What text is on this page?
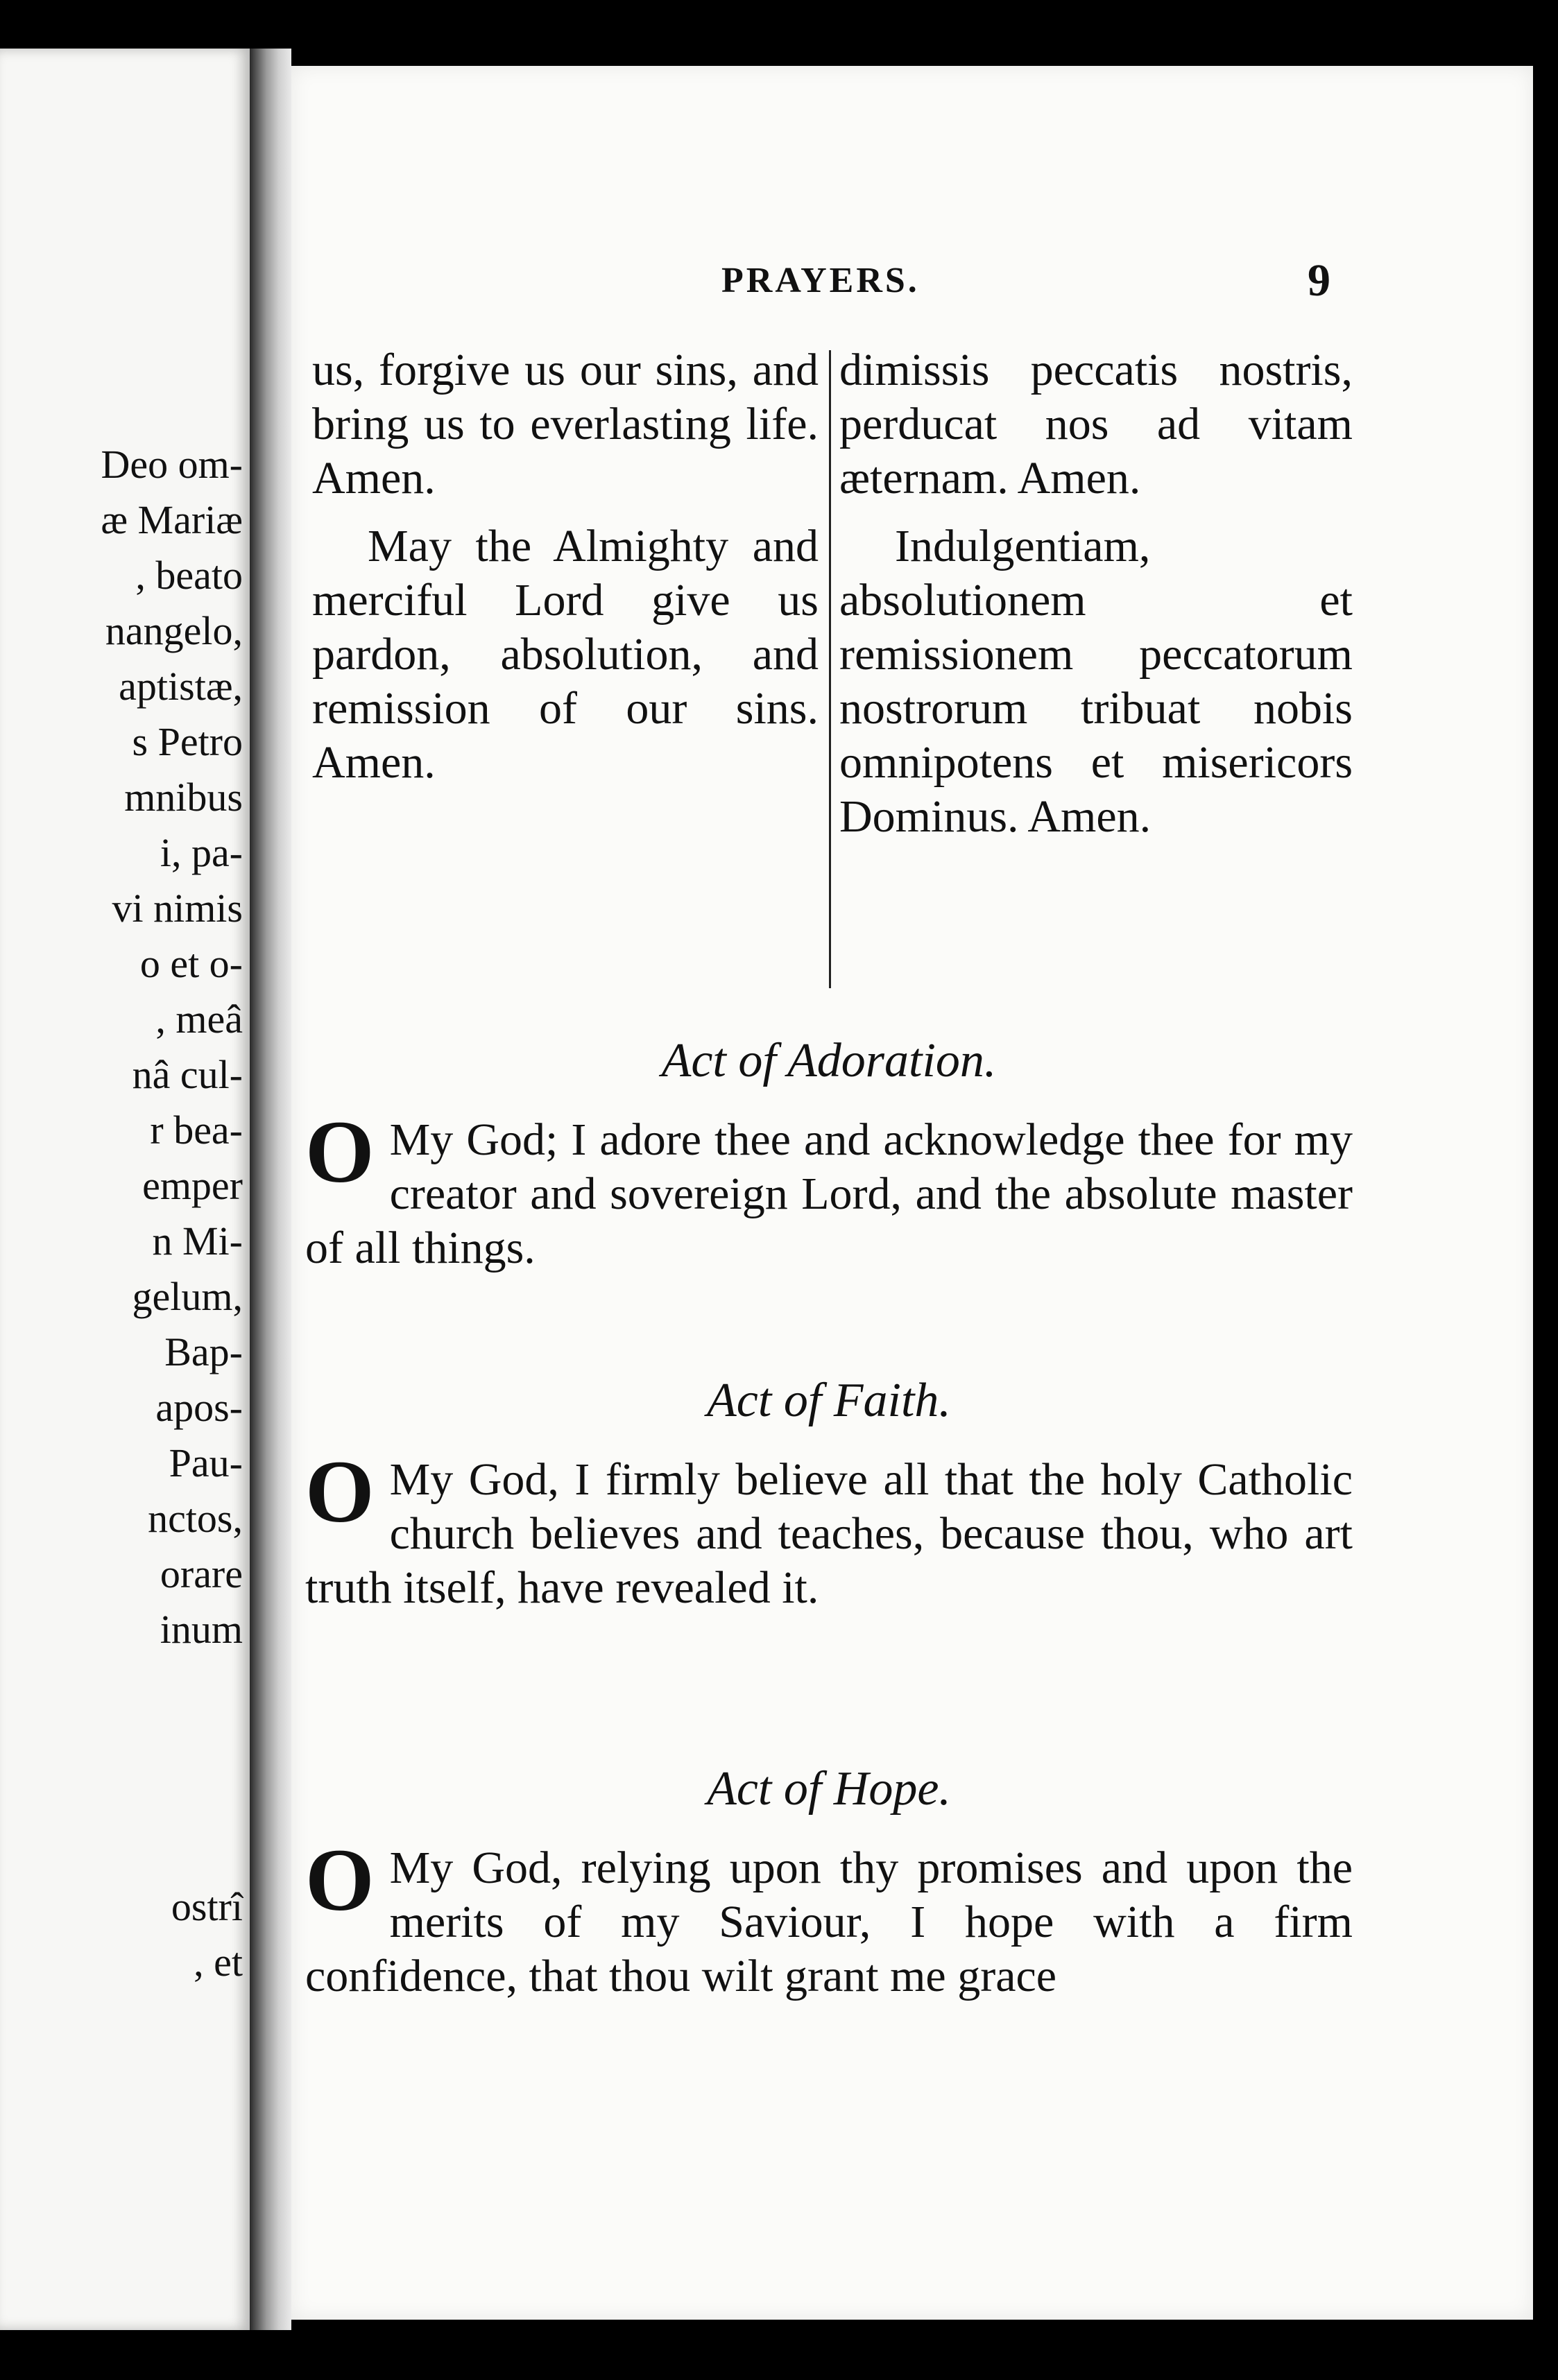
Deo om-
æ Mariæ
, beato
nangelo,
aptistæ,
s Petro
mnibus
i, pa-
vi nimis
o et o-
, meâ
nâ cul-
r bea-
emper
n Mi-
gelum,
Bap-
apos-
Pau-
nctos,
orare
inum
ostrî
, et
PRAYERS.	9

us, forgive us our sins, and bring us to everlasting life. Amen.

May the Almighty and merciful Lord give us pardon, absolution, and remission of our sins. Amen.

dimissis peccatis nostris, perducat nos ad vitam æternam. Amen.

Indulgentiam, absolutionem et remissionem peccatorum nostrorum tribuat nobis omnipotens et misericors Dominus. Amen.

Act of Adoration.

O My God; I adore thee and acknowledge thee for my creator and sovereign Lord, and the absolute master of all things.

Act of Faith.

O My God, I firmly believe all that the holy Catholic church believes and teaches, because thou, who art truth itself, have revealed it.

Act of Hope.

O My God, relying upon thy promises and upon the merits of my Saviour, I hope with a firm confidence, that thou wilt grant me grace
